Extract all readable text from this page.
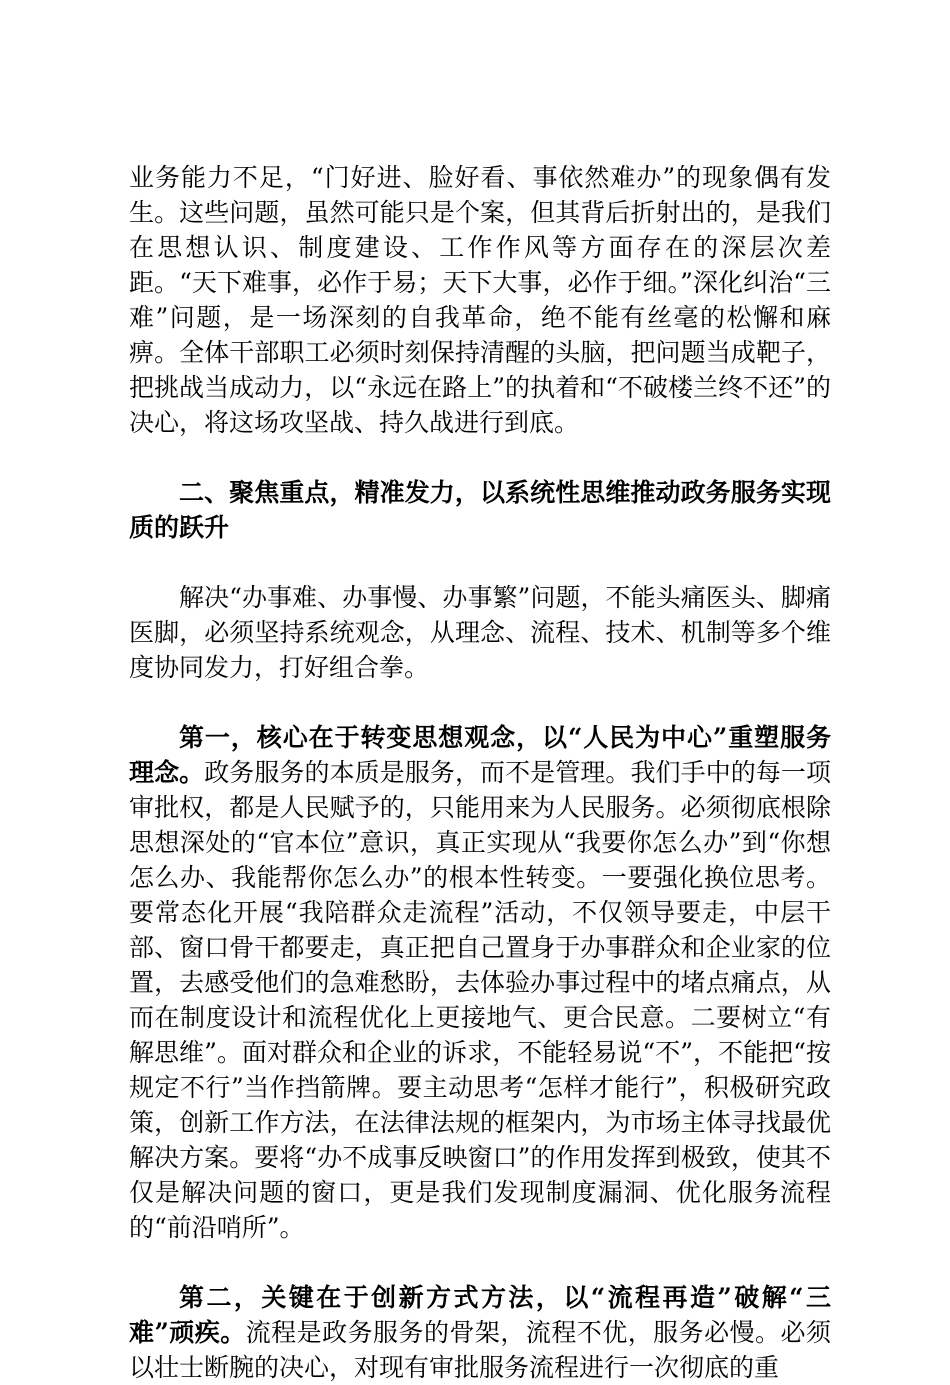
业务能力不足，“门好进、脸好看、事依然难办”的现象偶有发生。这些问题，虽然可能只是个案，但其背后折射出的，是我们在思想认识、制度建设、工作作风等方面存在的深层次差距。“天下难事，必作于易；天下大事，必作于细。”深化纠治“三难”问题，是一场深刻的自我革命，绝不能有丝毫的松懈和麻痹。全体干部职工必须时刻保持清醒的头脑，把问题当成靶子，把挑战当成动力，以“永远在路上”的执着和“不破楼兰终不还”的决心，将这场攻坚战、持久战进行到底。

二、聚焦重点，精准发力，以系统性思维推动政务服务实现质的跃升

解决“办事难、办事慢、办事繁”问题，不能头痛医头、脚痛医脚，必须坚持系统观念，从理念、流程、技术、机制等多个维度协同发力，打好组合拳。

第一，核心在于转变思想观念，以“人民为中心”重塑服务理念。政务服务的本质是服务，而不是管理。我们手中的每一项审批权，都是人民赋予的，只能用来为人民服务。必须彻底根除思想深处的“官本位”意识，真正实现从“我要你怎么办”到“你想怎么办、我能帮你怎么办”的根本性转变。一要强化换位思考。要常态化开展“我陪群众走流程”活动，不仅领导要走，中层干部、窗口骨干都要走，真正把自己置身于办事群众和企业家的位置，去感受他们的急难愁盼，去体验办事过程中的堵点痛点，从而在制度设计和流程优化上更接地气、更合民意。二要树立“有解思维”。面对群众和企业的诉求，不能轻易说“不”，不能把“按规定不行”当作挡箭牌。要主动思考“怎样才能行”，积极研究政策，创新工作方法，在法律法规的框架内，为市场主体寻找最优解决方案。要将“办不成事反映窗口”的作用发挥到极致，使其不仅是解决问题的窗口，更是我们发现制度漏洞、优化服务流程的“前沿哨所”。

第二，关键在于创新方式方法，以“流程再造”破解“三难”顽疾。流程是政务服务的骨架，流程不优，服务必慢。必须以壮士断腕的决心，对现有审批服务流程进行一次彻底的重
